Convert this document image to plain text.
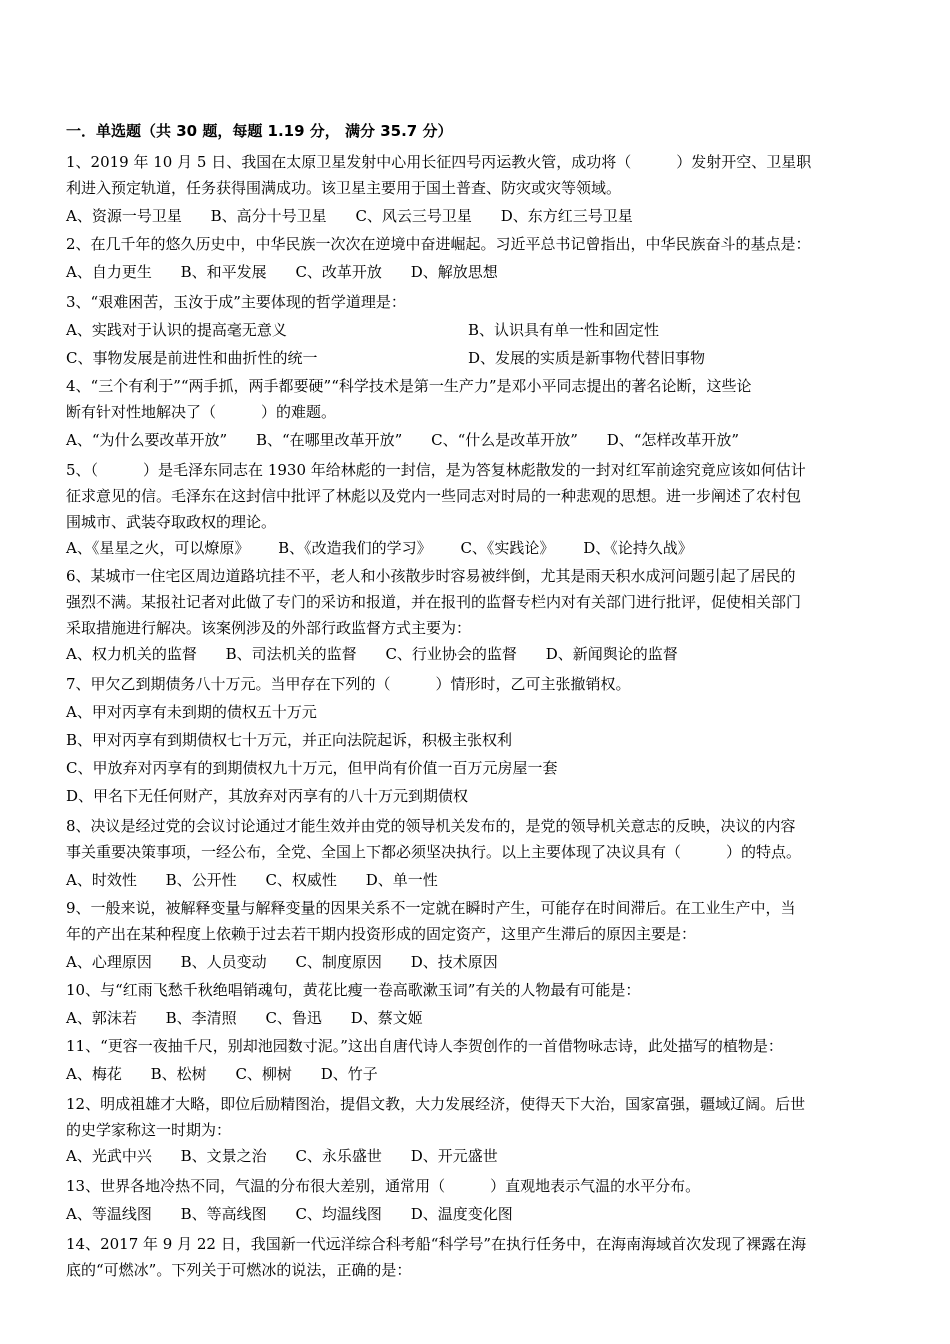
一．单选题（共 30 题，每题 1.19 分， 满分 35.7 分）
1、2019 年 10 月 5 日、我国在太原卫星发射中心用长征四号丙运教火管，成功将（　　　）发射开空、卫星职
利进入预定轨道，任务获得围满成功。该卫星主要用于国土普查、防灾或灾等领域。
A、资源一号卫星 B、高分十号卫星 C、风云三号卫星 D、东方红三号卫星
2、在几千年的悠久历史中，中华民族一次次在逆境中奋进崛起。习近平总书记曾指出，中华民族奋斗的基点是：
A、自力更生 B、和平发展 C、改革开放 D、解放思想
3、“艰难困苦，玉汝于成”主要体现的哲学道理是：
A、实践对于认识的提高毫无意义	B、认识具有单一性和固定性
C、事物发展是前进性和曲折性的统一	D、发展的实质是新事物代替旧事物
4、“三个有利于”“两手抓，两手都要硬”“科学技术是第一生产力”是邓小平同志提出的著名论断，这些论
断有针对性地解决了（　　　）的难题。
A、“为什么要改革开放” B、“在哪里改革开放” C、“什么是改革开放” D、“怎样改革开放”
5、（　　　）是毛泽东同志在 1930 年给林彪的一封信，是为答复林彪散发的一封对红军前途究竟应该如何估计
征求意见的信。毛泽东在这封信中批评了林彪以及党内一些同志对时局的一种悲观的思想。进一步阐述了农村包
围城市、武装夺取政权的理论。
A、《星星之火，可以燎原》 B、《改造我们的学习》 C、《实践论》 D、《论持久战》
6、某城市一住宅区周边道路坑挂不平，老人和小孩散步时容易被绊倒，尤其是雨天积水成河问题引起了居民的
强烈不满。某报社记者对此做了专门的采访和报道，并在报刊的监督专栏内对有关部门进行批评，促使相关部门
采取措施进行解决。该案例涉及的外部行政监督方式主要为：
A、权力机关的监督 B、司法机关的监督 C、行业协会的监督 D、新闻舆论的监督
7、甲欠乙到期债务八十万元。当甲存在下列的（　　　）情形时，乙可主张撤销权。
A、甲对丙享有未到期的债权五十万元
B、甲对丙享有到期债权七十万元，并正向法院起诉，积极主张权利
C、甲放弃对丙享有的到期债权九十万元，但甲尚有价值一百万元房屋一套
D、甲名下无任何财产，其放弃对丙享有的八十万元到期债权
8、决议是经过党的会议讨论通过才能生效并由党的领导机关发布的，是党的领导机关意志的反映，决议的内容
事关重要决策事项，一经公布，全党、全国上下都必须坚决执行。以上主要体现了决议具有（　　　）的特点。
A、时效性 B、公开性 C、权威性 D、单一性
9、一般来说，被解释变量与解释变量的因果关系不一定就在瞬时产生，可能存在时间滞后。在工业生产中，当
年的产出在某种程度上依赖于过去若干期内投资形成的固定资产，这里产生滞后的原因主要是：
A、心理原因 B、人员变动 C、制度原因 D、技术原因
10、与“红雨飞愁千秋绝唱销魂句，黄花比瘦一卷高歌漱玉词”有关的人物最有可能是：
A、郭沫若 B、李清照 C、鲁迅 D、蔡文姬
11、“更容一夜抽千尺，别却池园数寸泥。”这出自唐代诗人李贺创作的一首借物咏志诗，此处描写的植物是：
A、梅花 B、松树 C、柳树 D、竹子
12、明成祖雄才大略，即位后励精图治，提倡文教，大力发展经济，使得天下大治，国家富强，疆域辽阔。后世
的史学家称这一时期为：
A、光武中兴 B、文景之治 C、永乐盛世 D、开元盛世
13、世界各地冷热不同，气温的分布很大差别，通常用（　　　）直观地表示气温的水平分布。
A、等温线图 B、等高线图 C、均温线图 D、温度变化图
14、2017 年 9 月 22 日，我国新一代远洋综合科考船“科学号”在执行任务中，在海南海域首次发现了裸露在海
底的“可燃冰”。下列关于可燃冰的说法，正确的是：
